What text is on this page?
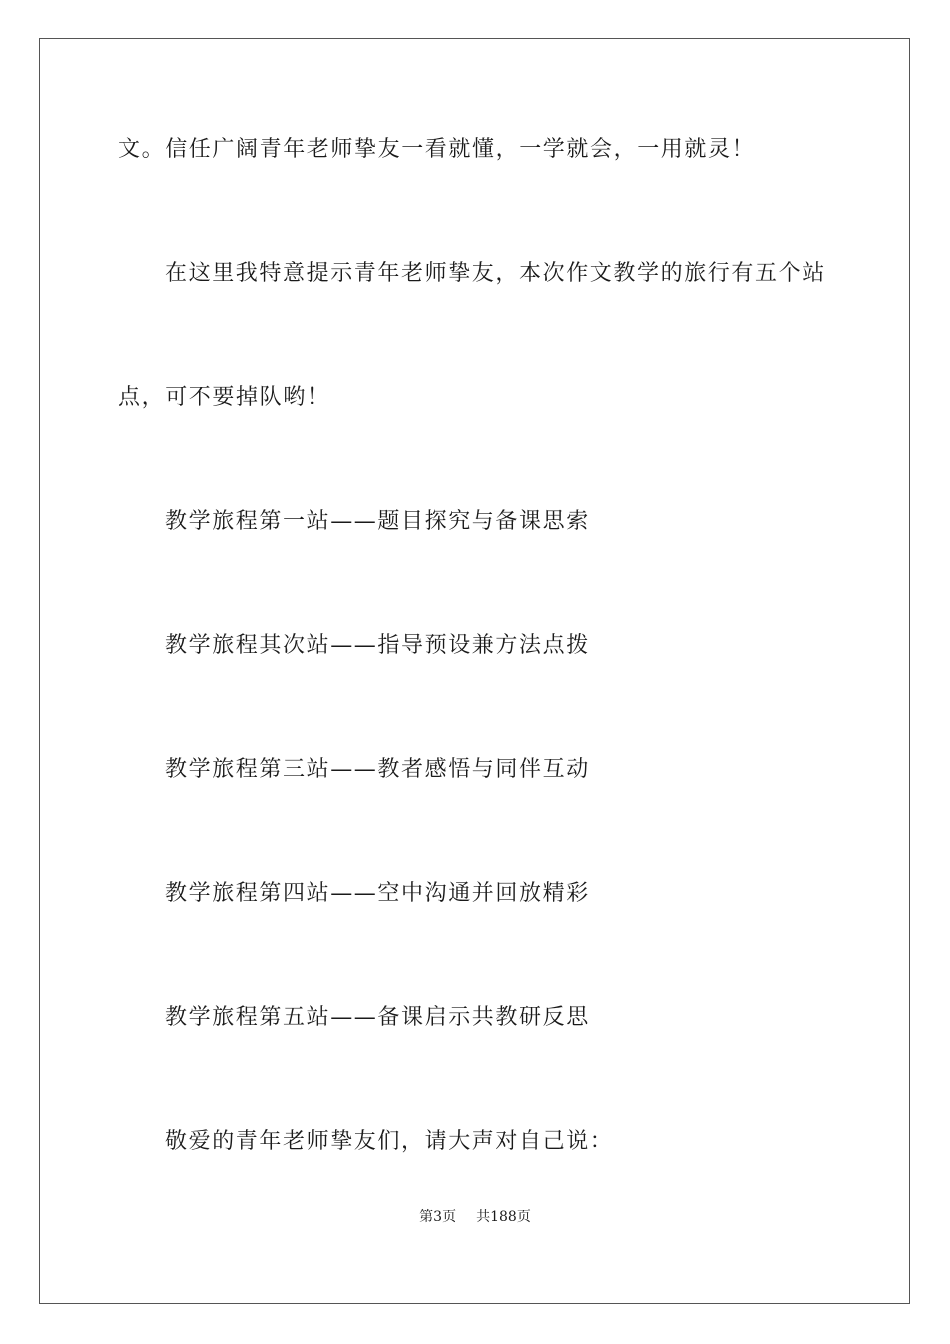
文。信任广阔青年老师挚友一看就懂，一学就会，一用就灵！
在这里我特意提示青年老师挚友，本次作文教学的旅行有五个站
点，可不要掉队哟！
教学旅程第一站——题目探究与备课思索
教学旅程其次站——指导预设兼方法点拨
教学旅程第三站——教者感悟与同伴互动
教学旅程第四站——空中沟通并回放精彩
教学旅程第五站——备课启示共教研反思
敬爱的青年老师挚友们，请大声对自己说：
第3页 共188页
